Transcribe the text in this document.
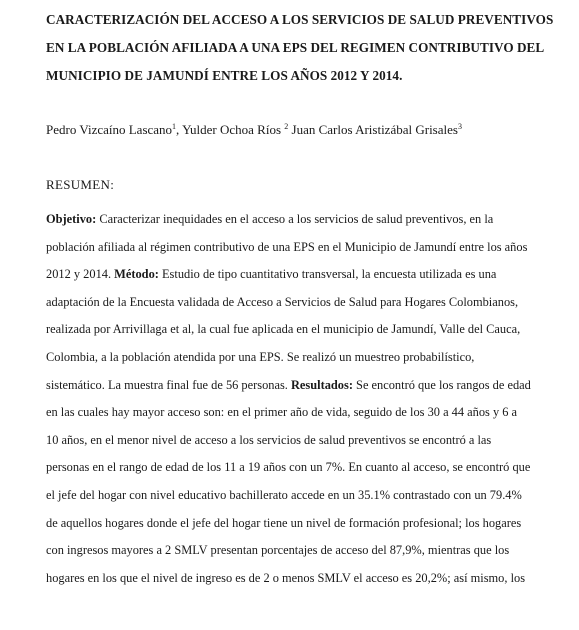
CARACTERIZACIÓN DEL ACCESO A LOS SERVICIOS DE SALUD PREVENTIVOS
EN LA POBLACIÓN AFILIADA A UNA EPS DEL REGIMEN CONTRIBUTIVO DEL
MUNICIPIO DE JAMUNDÍ ENTRE LOS AÑOS 2012 Y 2014.
Pedro Vizcaíno Lascano$^1$, Yulder Ochoa Ríos $^2$ Juan Carlos Aristizábal Grisales$^3$
RESUMEN:
Objetivo: Caracterizar inequidades en el acceso a los servicios de salud preventivos, en la
población afiliada al régimen contributivo de una EPS en el Municipio de Jamundí entre los años
2012 y 2014. Método: Estudio de tipo cuantitativo transversal, la encuesta utilizada es una
adaptación de la Encuesta validada de Acceso a Servicios de Salud para Hogares Colombianos,
realizada por Arrivillaga et al, la cual fue aplicada en el municipio de Jamundí, Valle del Cauca,
Colombia, a la población atendida por una EPS. Se realizó un muestreo probabilístico,
sistemático. La muestra final fue de 56 personas. Resultados: Se encontró que los rangos de edad
en las cuales hay mayor acceso son: en el primer año de vida, seguido de los 30 a 44 años y 6 a
10 años, en el menor nivel de acceso a los servicios de salud preventivos se encontró a las
personas en el rango de edad de los 11 a 19 años con un 7%. En cuanto al acceso, se encontró que
el jefe del hogar con nivel educativo bachillerato accede en un 35.1% contrastado con un 79.4%
de aquellos hogares donde el jefe del hogar tiene un nivel de formación profesional; los hogares
con ingresos mayores a 2 SMLV presentan porcentajes de acceso del 87,9%, mientras que los
hogares en los que el nivel de ingreso es de 2 o menos SMLV el acceso es 20,2%; así mismo, los
